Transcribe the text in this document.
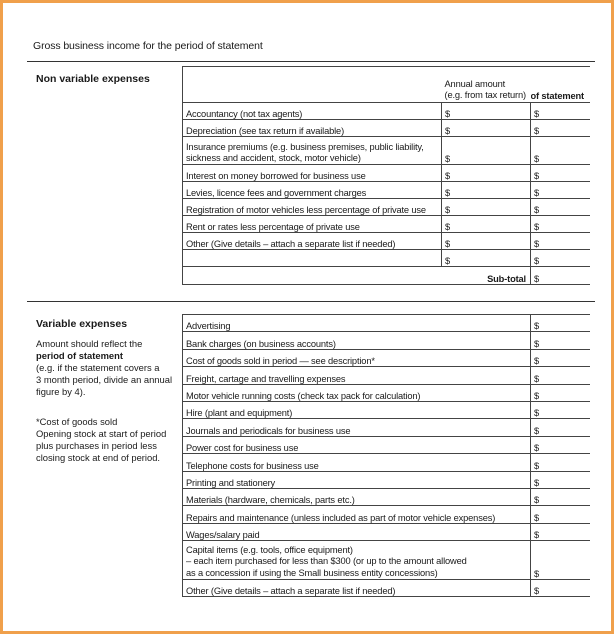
Gross business income for the period of statement
Non variable expenses
		Annual amount
(e.g. from tax return)	of statement
Accountancy (not tax agents)	$	$
Depreciation (see tax return if available)	$	$
Insurance premiums (e.g. business premises, public liability,
sickness and accident, stock, motor vehicle)	$	$
Interest on money borrowed for business use	$	$
Levies, licence fees and government charges	$	$
Registration of motor vehicles less percentage of private use	$	$
Rent or rates less percentage of private use	$	$
Other (Give details – attach a separate list if needed)	$	$
	$	$
Sub-total		$
Variable expenses
Amount should reflect the
period of statement
(e.g. if the statement covers a
3 month period, divide an annual
figure by 4).
*Cost of goods sold
Opening stock at start of period
plus purchases in period less
closing stock at end of period.
Advertising	$
Bank charges (on business accounts)	$
Cost of goods sold in period — see description*	$
Freight, cartage and travelling expenses	$
Motor vehicle running costs (check tax pack for calculation)	$
Hire (plant and equipment)	$
Journals and periodicals for business use	$
Power cost for business use	$
Telephone costs for business use	$
Printing and stationery	$
Materials (hardware, chemicals, parts etc.)	$
Repairs and maintenance (unless included as part of motor vehicle expenses)	$
Wages/salary paid	$
Capital items (e.g. tools, office equipment)
– each item purchased for less than $300 (or up to the amount allowed
as a concession if using the Small business entity concessions)	$
Other (Give details – attach a separate list if needed)	$
